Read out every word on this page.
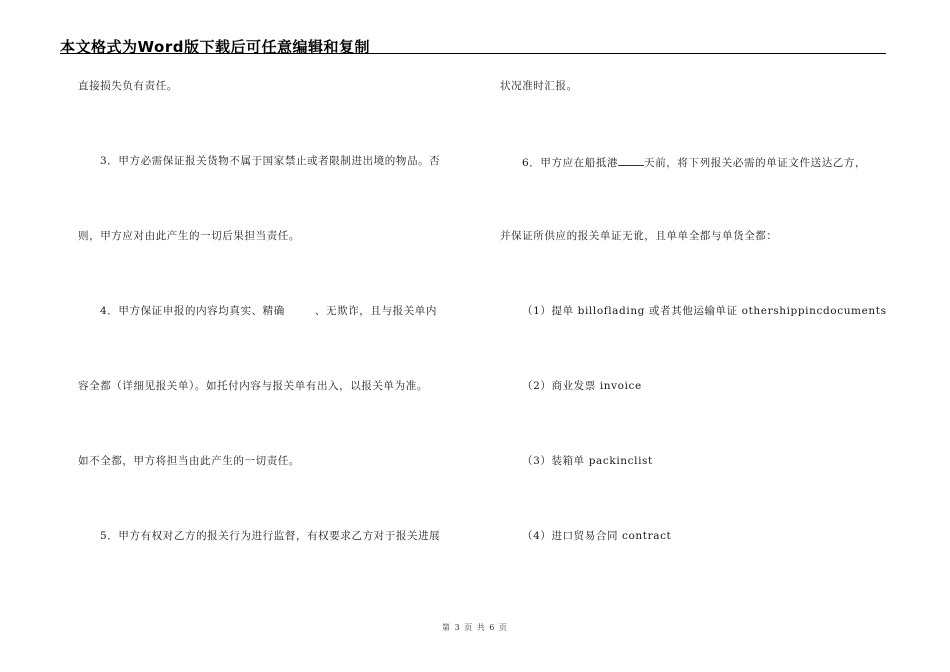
本文格式为Word版下载后可任意编辑和复制
直接损失负有责任。
3．甲方必需保证报关货物不属于国家禁止或者限制进出境的物品。否
则，甲方应对由此产生的一切后果担当责任。
4．甲方保证申报的内容均真实、精确	、无欺诈，且与报关单内
容全都（详细见报关单）。如托付内容与报关单有出入，以报关单为准。
如不全都，甲方将担当由此产生的一切责任。
5．甲方有权对乙方的报关行为进行监督，有权要求乙方对于报关进展
状况准时汇报。
6．甲方应在船抵港 天前，将下列报关必需的单证文件送达乙方，
并保证所供应的报关单证无讹，且单单全都与单货全都：
（1）提单 billoflading 或者其他运输单证 othershippincdocuments
（2）商业发票 invoice
（3）装箱单 packinclist
（4）进口贸易合同 contract
第 3 页 共 6 页
